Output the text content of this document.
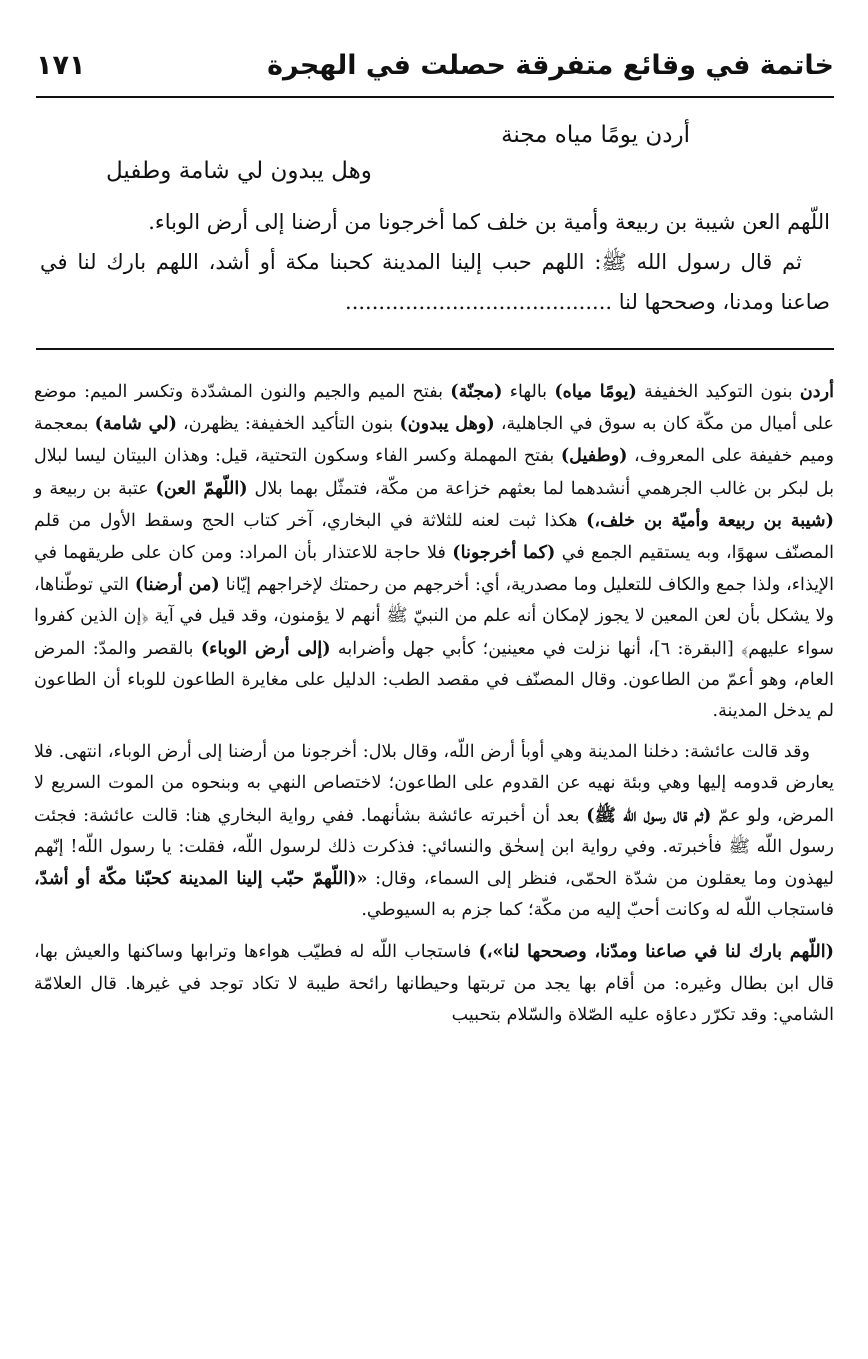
خاتمة في وقائع متفرقة حصلت في الهجرة
١٧١
أردن يومًا مياه مجنة
وهل يبدون لي شامة وطفيل

اللّهم العن شيبة بن ربيعة وأمية بن خلف كما أخرجونا من أرضنا إلى أرض الوباء.

ثم قال رسول الله ﷺ: اللهم حبب إلينا المدينة كحبنا مكة أو أشد، اللهم بارك لنا في صاعنا ومدنا، وصححها لنا ........................................

أردن بنون التوكيد الخفيفة (يومًا مياه) بالهاء (مجنّة) بفتح الميم والجيم والنون المشدّدة وتكسر الميم: موضع على أميال من مكّة كان به سوق في الجاهلية، (وهل يبدون) بنون التأكيد الخفيفة: يظهرن، (لي شامة) بمعجمة وميم خفيفة على المعروف، (وطفيل) بفتح المهملة وكسر الفاء وسكون التحتية، قيل: وهذان البيتان ليسا لبلال بل لبكر بن غالب الجرهمي أنشدهما لما بعثهم خزاعة من مكّة، فتمثّل بهما بلال (اللّهمّ العن) عتبة بن ربيعة و (شيبة بن ربيعة وأميّة بن خلف،) هكذا ثبت لعنه للثلاثة في البخاري، آخر كتاب الحج وسقط الأول من قلم المصنّف سهوًا، وبه يستقيم الجمع في (كما أخرجونا) فلا حاجة للاعتذار بأن المراد: ومن كان على طريقهما في الإيذاء، ولذا جمع والكاف للتعليل وما مصدرية، أي: أخرجهم من رحمتك لإخراجهم إيّانا (من أرضنا) التي توطّناها، ولا يشكل بأن لعن المعين لا يجوز لإمكان أنه علم من النبيّ ﷺ أنهم لا يؤمنون، وقد قيل في آية ﴿إن الذين كفروا سواء عليهم﴾ [البقرة: ٦]، أنها نزلت في معينين؛ كأبي جهل وأضرابه (إلى أرض الوباء) بالقصر والمدّ: المرض العام، وهو أعمّ من الطاعون. وقال المصنّف في مقصد الطب: الدليل على مغايرة الطاعون للوباء أن الطاعون لم يدخل المدينة.

وقد قالت عائشة: دخلنا المدينة وهي أوبأ أرض اللّه، وقال بلال: أخرجونا من أرضنا إلى أرض الوباء، انتهى. فلا يعارض قدومه إليها وهي وبئة نهيه عن القدوم على الطاعون؛ لاختصاص النهي به وبنحوه من الموت السريع لا المرض، ولو عمّ (ثم قال رسول اللّه ﷺ) بعد أن أخبرته عائشة بشأنهما. ففي رواية البخاري هنا: قالت عائشة: فجئت رسول اللّه ﷺ فأخبرته. وفي رواية ابن إسحٰق والنسائي: فذكرت ذلك لرسول اللّه، فقلت: يا رسول اللّه! إنّهم ليهذون وما يعقلون من شدّة الحمّى، فنظر إلى السماء، وقال: «(اللّهمّ حبّب إلينا المدينة كحبّنا مكّة أو أشدّ، فاستجاب اللّه له وكانت أحبّ إليه من مكّة؛ كما جزم به السيوطي.

(اللّهم بارك لنا في صاعنا ومدّنا، وصححها لنا»،) فاستجاب اللّه له فطيّب هواءها وترابها وساكنها والعيش بها، قال ابن بطال وغيره: من أقام بها يجد من تربتها وحيطانها رائحة طيبة لا تكاد توجد في غيرها. قال العلامّة الشامي: وقد تكرّر دعاؤه عليه الصّلاة والسّلام بتحبيب
